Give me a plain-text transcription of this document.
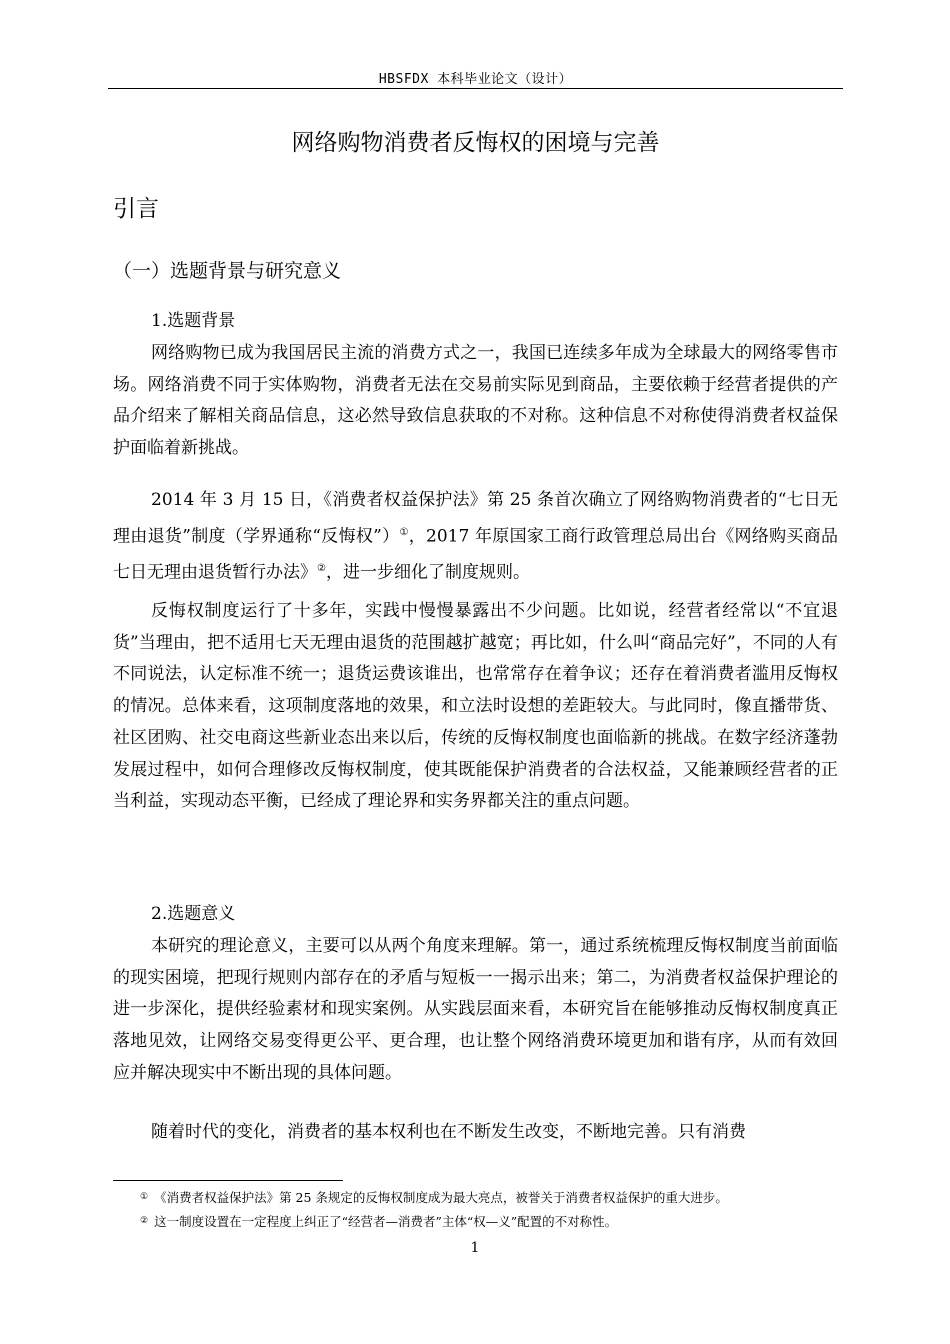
HBSFDX 本科毕业论文（设计）
网络购物消费者反悔权的困境与完善
引言
（一）选题背景与研究意义
1.选题背景

网络购物已成为我国居民主流的消费方式之一，我国已连续多年成为全球最大的网络零售市场。网络消费不同于实体购物，消费者无法在交易前实际见到商品，主要依赖于经营者提供的产品介绍来了解相关商品信息，这必然导致信息获取的不对称。这种信息不对称使得消费者权益保护面临着新挑战。

2014 年 3 月 15 日，《消费者权益保护法》第 25 条首次确立了网络购物消费者的“七日无理由退货”制度（学界通称“反悔权”）①，2017 年原国家工商行政管理总局出台《网络购买商品七日无理由退货暂行办法》②，进一步细化了制度规则。

反悔权制度运行了十多年，实践中慢慢暴露出不少问题。比如说，经营者经常以“不宜退货”当理由，把不适用七天无理由退货的范围越扩越宽；再比如，什么叫“商品完好”，不同的人有不同说法，认定标准不统一；退货运费该谁出，也常常存在着争议；还存在着消费者滥用反悔权的情况。总体来看，这项制度落地的效果，和立法时设想的差距较大。与此同时，像直播带货、社区团购、社交电商这些新业态出来以后，传统的反悔权制度也面临新的挑战。在数字经济蓬勃发展过程中，如何合理修改反悔权制度，使其既能保护消费者的合法权益，又能兼顾经营者的正当利益，实现动态平衡，已经成了理论界和实务界都关注的重点问题。

2.选题意义

本研究的理论意义，主要可以从两个角度来理解。第一，通过系统梳理反悔权制度当前面临的现实困境，把现行规则内部存在的矛盾与短板一一揭示出来；第二，为消费者权益保护理论的进一步深化，提供经验素材和现实案例。从实践层面来看，本研究旨在能够推动反悔权制度真正落地见效，让网络交易变得更公平、更合理，也让整个网络消费环境更加和谐有序，从而有效回应并解决现实中不断出现的具体问题。

随着时代的变化，消费者的基本权利也在不断发生改变，不断地完善。只有消费

① 《消费者权益保护法》第 25 条规定的反悔权制度成为最大亮点，被誉关于消费者权益保护的重大进步。
② 这一制度设置在一定程度上纠正了“经营者—消费者”主体“权—义”配置的不对称性。
1
